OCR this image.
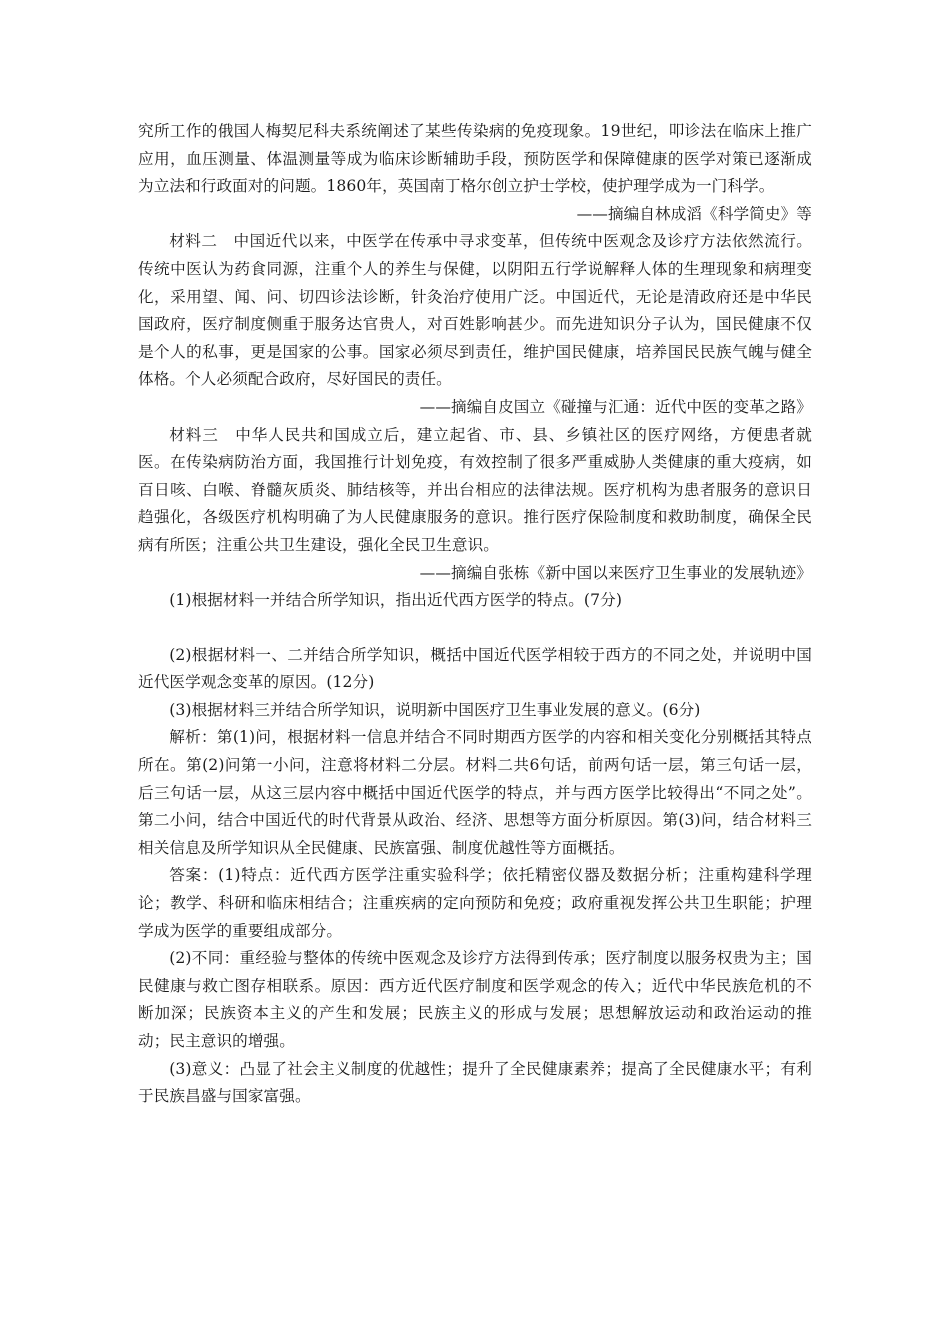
究所工作的俄国人梅契尼科夫系统阐述了某些传染病的免疫现象。19世纪，叩诊法在临床上推广应用，血压测量、体温测量等成为临床诊断辅助手段，预防医学和保障健康的医学对策已逐渐成为立法和行政面对的问题。1860年，英国南丁格尔创立护士学校，使护理学成为一门科学。

——摘编自林成滔《科学简史》等

材料二　中国近代以来，中医学在传承中寻求变革，但传统中医观念及诊疗方法依然流行。传统中医认为药食同源，注重个人的养生与保健，以阴阳五行学说解释人体的生理现象和病理变化，采用望、闻、问、切四诊法诊断，针灸治疗使用广泛。中国近代，无论是清政府还是中华民国政府，医疗制度侧重于服务达官贵人，对百姓影响甚少。而先进知识分子认为，国民健康不仅是个人的私事，更是国家的公事。国家必须尽到责任，维护国民健康，培养国民民族气魄与健全体格。个人必须配合政府，尽好国民的责任。

——摘编自皮国立《碰撞与汇通：近代中医的变革之路》

材料三　中华人民共和国成立后，建立起省、市、县、乡镇社区的医疗网络，方便患者就医。在传染病防治方面，我国推行计划免疫，有效控制了很多严重威胁人类健康的重大疫病，如百日咳、白喉、脊髓灰质炎、肺结核等，并出台相应的法律法规。医疗机构为患者服务的意识日趋强化，各级医疗机构明确了为人民健康服务的意识。推行医疗保险制度和救助制度，确保全民病有所医；注重公共卫生建设，强化全民卫生意识。

——摘编自张栋《新中国以来医疗卫生事业的发展轨迹》

(1)根据材料一并结合所学知识，指出近代西方医学的特点。(7分)

(2)根据材料一、二并结合所学知识，概括中国近代医学相较于西方的不同之处，并说明中国近代医学观念变革的原因。(12分)

(3)根据材料三并结合所学知识，说明新中国医疗卫生事业发展的意义。(6分)

解析：第(1)问，根据材料一信息并结合不同时期西方医学的内容和相关变化分别概括其特点所在。第(2)问第一小问，注意将材料二分层。材料二共6句话，前两句话一层，第三句话一层，后三句话一层，从这三层内容中概括中国近代医学的特点，并与西方医学比较得出“不同之处”。第二小问，结合中国近代的时代背景从政治、经济、思想等方面分析原因。第(3)问，结合材料三相关信息及所学知识从全民健康、民族富强、制度优越性等方面概括。

答案：(1)特点：近代西方医学注重实验科学；依托精密仪器及数据分析；注重构建科学理论；教学、科研和临床相结合；注重疾病的定向预防和免疫；政府重视发挥公共卫生职能；护理学成为医学的重要组成部分。

(2)不同：重经验与整体的传统中医观念及诊疗方法得到传承；医疗制度以服务权贵为主；国民健康与救亡图存相联系。原因：西方近代医疗制度和医学观念的传入；近代中华民族危机的不断加深；民族资本主义的产生和发展；民族主义的形成与发展；思想解放运动和政治运动的推动；民主意识的增强。

(3)意义：凸显了社会主义制度的优越性；提升了全民健康素养；提高了全民健康水平；有利于民族昌盛与国家富强。
